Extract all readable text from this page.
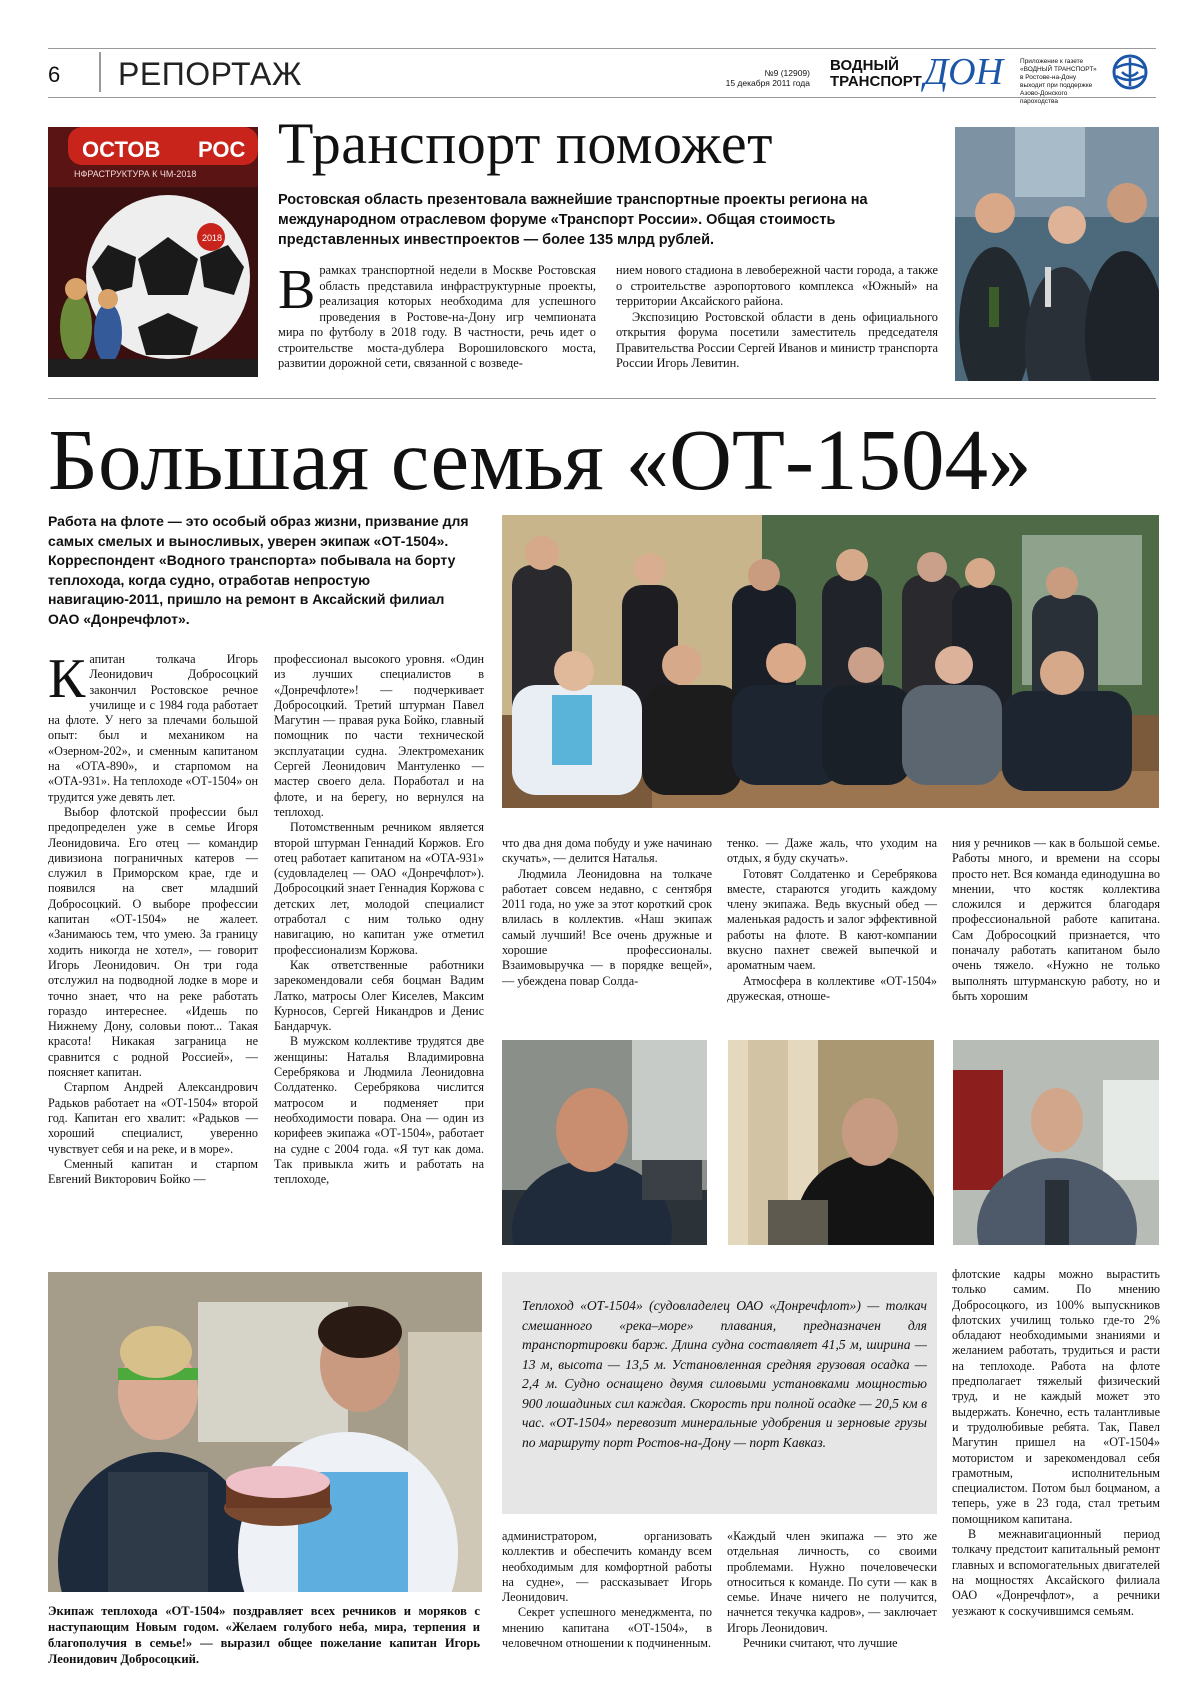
6 РЕПОРТАЖ	№9 (12909)
15 декабря 2011 года
ВОДНЫЙ
ТРАНСПОРТ ДОН	Приложение к газете «ВОДНЫЙ ТРАНСПОРТ» в Ростове-на-Дону выходит при поддержке Азово-Донского пароходства
ОСТОВ РОС
НФРАСТРУКТУРА К ЧМ-2018
2018
Транспорт поможет
Ростовская область презентовала важнейшие транспортные проекты региона на международном отраслевом форуме «Транспорт России». Общая стоимость представленных инвестпроектов — более 135 млрд рублей.
В рамках транспортной недели в Москве Ростовская область представила инфраструктурные проекты, реализация которых необходима для успешного проведения в Ростове-на-Дону игр чемпионата мира по футболу в 2018 году. В частности, речь идет о строительстве моста-дублера Ворошиловского моста, развитии дорожной сети, связанной с возведе-

нием нового стадиона в левобережной части города, а также о строительстве аэропортового комплекса «Южный» на территории Аксайского района.

Экспозицию Ростовской области в день официального открытия форума посетили заместитель председателя Правительства России Сергей Иванов и министр транспорта России Игорь Левитин.

Большая семья «ОТ-1504»
Работа на флоте — это особый образ жизни, призвание для самых смелых и выносливых, уверен экипаж «ОТ-1504». Корреспондент «Водного транспорта» побывала на борту теплохода, когда судно, отработав непростую навигацию-2011, пришло на ремонт в Аксайский филиал ОАО «Донречфлот».
К апитан толкача Игорь Леонидович Добросоцкий закончил Ростовское речное училище и с 1984 года работает на флоте. У него за плечами большой опыт: был и механиком на «Озерном-202», и сменным капитаном на «ОТА-890», и старпомом на «ОТА-931». На теплоходе «ОТ-1504» он трудится уже девять лет.

Выбор флотской профессии был предопределен уже в семье Игоря Леонидовича. Его отец — командир дивизиона пограничных катеров — служил в Приморском крае, где и появился на свет младший Добросоцкий. О выборе профессии капитан «ОТ-1504» не жалеет. «Занимаюсь тем, что умею. За границу ходить никогда не хотел», — говорит Игорь Леонидович. Он три года отслужил на подводной лодке в море и точно знает, что на реке работать гораздо интереснее. «Идешь по Нижнему Дону, соловьи поют... Такая красота! Никакая заграница не сравнится с родной Россией», — поясняет капитан.

Старпом Андрей Александрович Радьков работает на «ОТ-1504» второй год. Капитан его хвалит: «Радьков — хороший специалист, уверенно чувствует себя и на реке, и в море».

Сменный капитан и старпом Евгений Викторович Бойко —

профессионал высокого уровня. «Один из лучших специалистов в «Донречфлоте»! — подчеркивает Добросоцкий. Третий штурман Павел Магутин — правая рука Бойко, главный помощник по части технической эксплуатации судна. Электромеханик Сергей Леонидович Мантуленко — мастер своего дела. Поработал и на флоте, и на берегу, но вернулся на теплоход.

Потомственным речником является второй штурман Геннадий Коржов. Его отец работает капитаном на «ОТА-931» (судовладелец — ОАО «Донречфлот»). Добросоцкий знает Геннадия Коржова с детских лет, молодой специалист отработал с ним только одну навигацию, но капитан уже отметил профессионализм Коржова.

Как ответственные работники зарекомендовали себя боцман Вадим Латко, матросы Олег Киселев, Максим Курносов, Сергей Никандров и Денис Бандарчук.

В мужском коллективе трудятся две женщины: Наталья Владимировна Серебрякова и Людмила Леонидовна Солдатенко. Серебрякова числится матросом и подменяет при необходимости повара. Она — один из корифеев экипажа «ОТ-1504», работает на судне с 2004 года. «Я тут как дома. Так привыкла жить и работать на теплоходе,

что два дня дома побуду и уже начинаю скучать», — делится Наталья.

Людмила Леонидовна на толкаче работает совсем недавно, с сентября 2011 года, но уже за этот короткий срок влилась в коллектив. «Наш экипаж самый лучший! Все очень дружные и хорошие профессионалы. Взаимовыручка — в порядке вещей», — убеждена повар Солда-

тенко. — Даже жаль, что уходим на отдых, я буду скучать».

Готовят Солдатенко и Серебрякова вместе, стараются угодить каждому члену экипажа. Ведь вкусный обед — маленькая радость и залог эффективной работы на флоте. В кают-компании вкусно пахнет свежей выпечкой и ароматным чаем.

Атмосфера в коллективе «ОТ-1504» дружеская, отноше-

ния у речников — как в большой семье. Работы много, и времени на ссоры просто нет. Вся команда единодушна во мнении, что костяк коллектива сложился и держится благодаря профессиональной работе капитана. Сам Добросоцкий признается, что поначалу работать капитаном было очень тяжело. «Нужно не только выполнять штурманскую работу, но и быть хорошим

Теплоход «ОТ-1504» (судовладелец ОАО «Донречфлот») — толкач смешанного «река–море» плавания, предназначен для транспортировки барж. Длина судна составляет 41,5 м, ширина — 13 м, высота — 13,5 м. Установленная средняя грузовая осадка — 2,4 м. Судно оснащено двумя силовыми установками мощностью 900 лошадиных сил каждая. Скорость при полной осадке — 20,5 км в час. «ОТ-1504» перевозит минеральные удобрения и зерновые грузы по маршруту порт Ростов-на-Дону — порт Кавказ.

администратором, организовать коллектив и обеспечить команду всем необходимым для комфортной работы на судне», — рассказывает Игорь Леонидович.

Секрет успешного менеджмента, по мнению капитана «ОТ-1504», в человечном отношении к подчиненным.

«Каждый член экипажа — это же отдельная личность, со своими проблемами. Нужно почеловечески относиться к команде. По сути — как в семье. Иначе ничего не получится, начнется текучка кадров», — заключает Игорь Леонидович.

Речники считают, что лучшие

флотские кадры можно вырастить только самим. По мнению Добросоцкого, из 100% выпускников флотских училищ только где-то 2% обладают необходимыми знаниями и желанием работать, трудиться и расти на теплоходе. Работа на флоте предполагает тяжелый физический труд, и не каждый может это выдержать. Конечно, есть талантливые и трудолюбивые ребята. Так, Павел Магутин пришел на «ОТ-1504» мотористом и зарекомендовал себя грамотным, исполнительным специалистом. Потом был боцманом, а теперь, уже в 23 года, стал третьим помощником капитана.

В межнавигационный период толкачу предстоит капитальный ремонт главных и вспомогательных двигателей на мощностях Аксайского филиала ОАО «Донречфлот», а речники уезжают к соскучившимся семьям.

Экипаж теплохода «ОТ-1504» поздравляет всех речников и моряков с наступающим Новым годом. «Желаем голубого неба, мира, терпения и благополучия в семье!» — выразил общее пожелание капитан Игорь Леонидович Добросоцкий.
